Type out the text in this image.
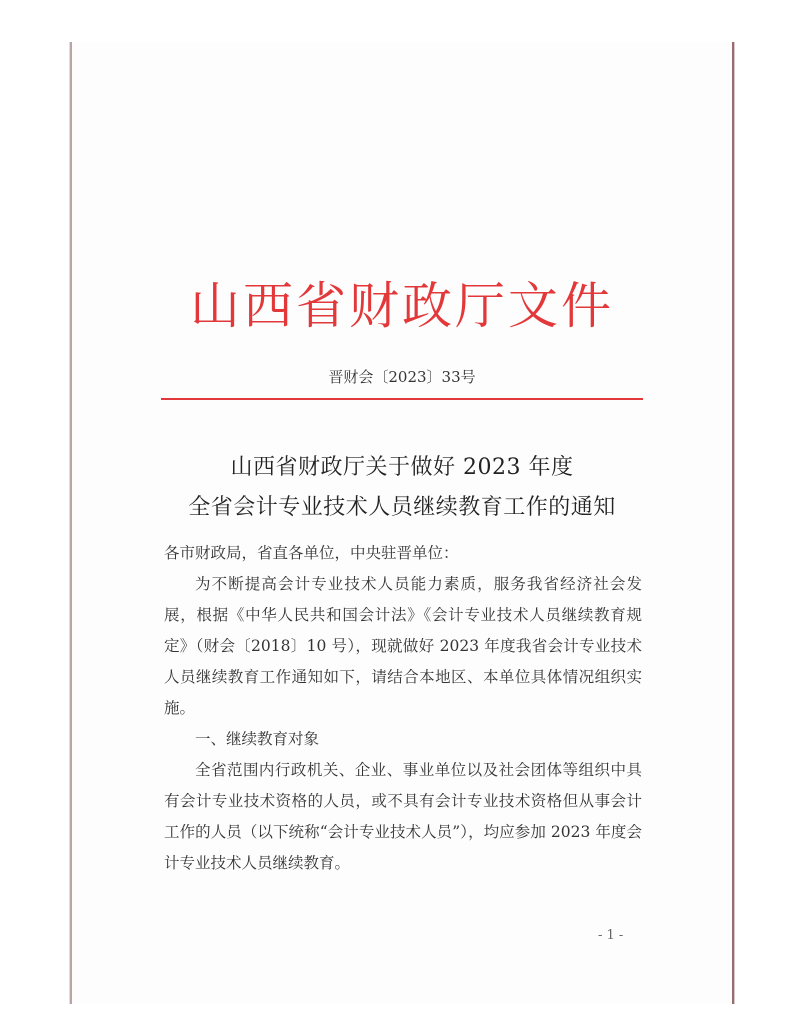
山西省财政厅文件
晋财会〔2023〕33号
山西省财政厅关于做好 2023 年度
全省会计专业技术人员继续教育工作的通知
各市财政局，省直各单位，中央驻晋单位：
为不断提高会计专业技术人员能力素质，服务我省经济社会发展，根据《中华人民共和国会计法》《会计专业技术人员继续教育规定》（财会〔2018〕10 号），现就做好 2023 年度我省会计专业技术人员继续教育工作通知如下，请结合本地区、本单位具体情况组织实施。
一、继续教育对象
全省范围内行政机关、企业、事业单位以及社会团体等组织中具有会计专业技术资格的人员，或不具有会计专业技术资格但从事会计工作的人员（以下统称“会计专业技术人员”），均应参加 2023 年度会计专业技术人员继续教育。
- 1 -
